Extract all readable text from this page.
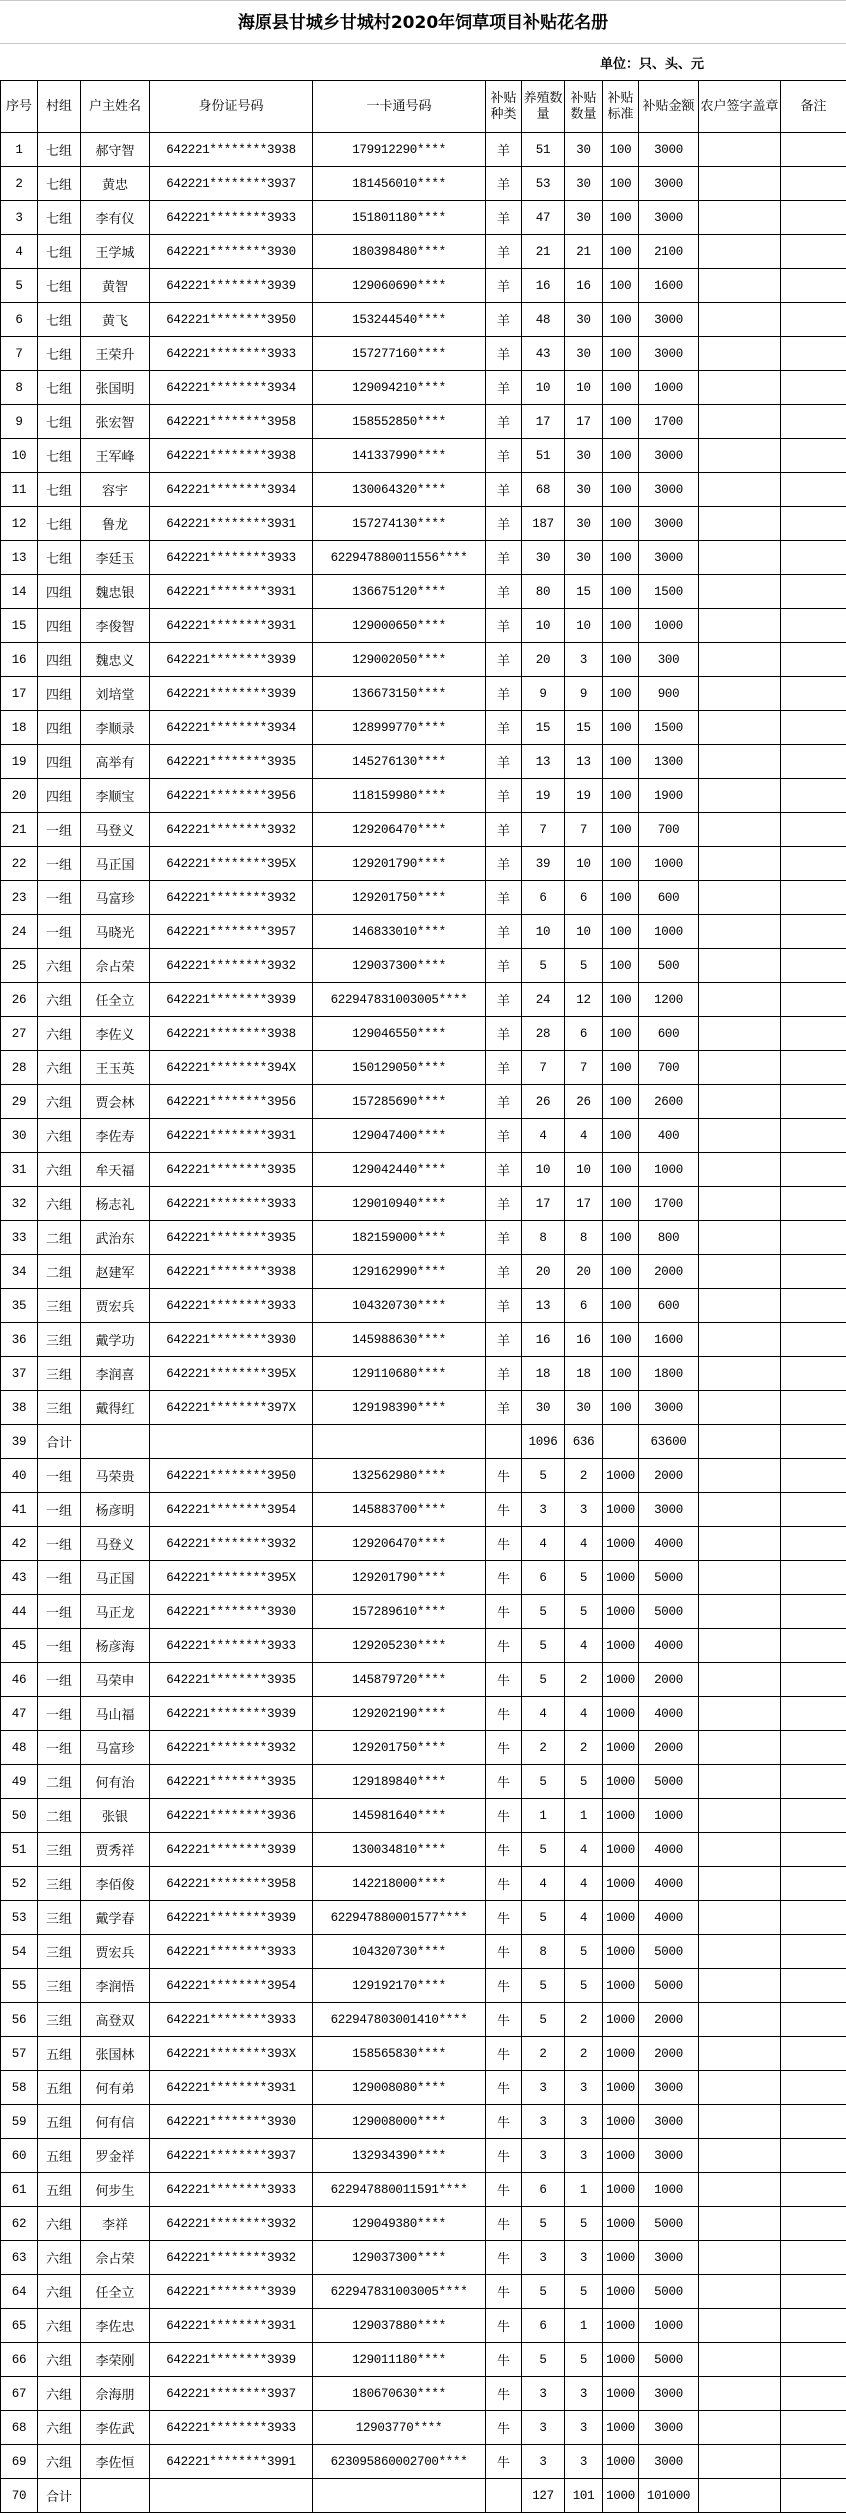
海原县甘城乡甘城村2020年饲草项目补贴花名册
单位：只、头、元
序号	村组	户主姓名	身份证号码	一卡通号码	补贴种类	养殖数量	补贴数量	补贴标准	补贴金额	农户签字盖章	备注
1	七组	郝守智	642221********3938	179912290****	羊	51	30	100	3000		
2	七组	黄忠	642221********3937	181456010****	羊	53	30	100	3000		
3	七组	李有仪	642221********3933	151801180****	羊	47	30	100	3000		
4	七组	王学城	642221********3930	180398480****	羊	21	21	100	2100		
5	七组	黄智	642221********3939	129060690****	羊	16	16	100	1600		
6	七组	黄飞	642221********3950	153244540****	羊	48	30	100	3000		
7	七组	王荣升	642221********3933	157277160****	羊	43	30	100	3000		
8	七组	张国明	642221********3934	129094210****	羊	10	10	100	1000		
9	七组	张宏智	642221********3958	158552850****	羊	17	17	100	1700		
10	七组	王军峰	642221********3938	141337990****	羊	51	30	100	3000		
11	七组	容宇	642221********3934	130064320****	羊	68	30	100	3000		
12	七组	鲁龙	642221********3931	157274130****	羊	187	30	100	3000		
13	七组	李廷玉	642221********3933	622947880011556****	羊	30	30	100	3000		
14	四组	魏忠银	642221********3931	136675120****	羊	80	15	100	1500		
15	四组	李俊智	642221********3931	129000650****	羊	10	10	100	1000		
16	四组	魏忠义	642221********3939	129002050****	羊	20	3	100	300		
17	四组	刘培堂	642221********3939	136673150****	羊	9	9	100	900		
18	四组	李顺录	642221********3934	128999770****	羊	15	15	100	1500		
19	四组	高举有	642221********3935	145276130****	羊	13	13	100	1300		
20	四组	李顺宝	642221********3956	118159980****	羊	19	19	100	1900		
21	一组	马登义	642221********3932	129206470****	羊	7	7	100	700		
22	一组	马正国	642221********395X	129201790****	羊	39	10	100	1000		
23	一组	马富珍	642221********3932	129201750****	羊	6	6	100	600		
24	一组	马晓光	642221********3957	146833010****	羊	10	10	100	1000		
25	六组	佘占荣	642221********3932	129037300****	羊	5	5	100	500		
26	六组	任全立	642221********3939	622947831003005****	羊	24	12	100	1200		
27	六组	李佐义	642221********3938	129046550****	羊	28	6	100	600		
28	六组	王玉英	642221********394X	150129050****	羊	7	7	100	700		
29	六组	贾会林	642221********3956	157285690****	羊	26	26	100	2600		
30	六组	李佐寿	642221********3931	129047400****	羊	4	4	100	400		
31	六组	牟天福	642221********3935	129042440****	羊	10	10	100	1000		
32	六组	杨志礼	642221********3933	129010940****	羊	17	17	100	1700		
33	二组	武治东	642221********3935	182159000****	羊	8	8	100	800		
34	二组	赵建军	642221********3938	129162990****	羊	20	20	100	2000		
35	三组	贾宏兵	642221********3933	104320730****	羊	13	6	100	600		
36	三组	戴学功	642221********3930	145988630****	羊	16	16	100	1600		
37	三组	李润喜	642221********395X	129110680****	羊	18	18	100	1800		
38	三组	戴得红	642221********397X	129198390****	羊	30	30	100	3000		
39	合计					1096	636		63600		
40	一组	马荣贵	642221********3950	132562980****	牛	5	2	1000	2000		
41	一组	杨彦明	642221********3954	145883700****	牛	3	3	1000	3000		
42	一组	马登义	642221********3932	129206470****	牛	4	4	1000	4000		
43	一组	马正国	642221********395X	129201790****	牛	6	5	1000	5000		
44	一组	马正龙	642221********3930	157289610****	牛	5	5	1000	5000		
45	一组	杨彦海	642221********3933	129205230****	牛	5	4	1000	4000		
46	一组	马荣申	642221********3935	145879720****	牛	5	2	1000	2000		
47	一组	马山福	642221********3939	129202190****	牛	4	4	1000	4000		
48	一组	马富珍	642221********3932	129201750****	牛	2	2	1000	2000		
49	二组	何有治	642221********3935	129189840****	牛	5	5	1000	5000		
50	二组	张银	642221********3936	145981640****	牛	1	1	1000	1000		
51	三组	贾秀祥	642221********3939	130034810****	牛	5	4	1000	4000		
52	三组	李佰俊	642221********3958	142218000****	牛	4	4	1000	4000		
53	三组	戴学春	642221********3939	622947880001577****	牛	5	4	1000	4000		
54	三组	贾宏兵	642221********3933	104320730****	牛	8	5	1000	5000		
55	三组	李润悟	642221********3954	129192170****	牛	5	5	1000	5000		
56	三组	高登双	642221********3933	622947803001410****	牛	5	2	1000	2000		
57	五组	张国林	642221********393X	158565830****	牛	2	2	1000	2000		
58	五组	何有弟	642221********3931	129008080****	牛	3	3	1000	3000		
59	五组	何有信	642221********3930	129008000****	牛	3	3	1000	3000		
60	五组	罗金祥	642221********3937	132934390****	牛	3	3	1000	3000		
61	五组	何步生	642221********3933	622947880011591****	牛	6	1	1000	1000		
62	六组	李祥	642221********3932	129049380****	牛	5	5	1000	5000		
63	六组	佘占荣	642221********3932	129037300****	牛	3	3	1000	3000		
64	六组	任全立	642221********3939	622947831003005****	牛	5	5	1000	5000		
65	六组	李佐忠	642221********3931	129037880****	牛	6	1	1000	1000		
66	六组	李荣刚	642221********3939	129011180****	牛	5	5	1000	5000		
67	六组	佘海朋	642221********3937	180670630****	牛	3	3	1000	3000		
68	六组	李佐武	642221********3933	12903770****	牛	3	3	1000	3000		
69	六组	李佐恒	642221********3991	623095860002700****	牛	3	3	1000	3000		
70	合计					127	101	1000	101000		
